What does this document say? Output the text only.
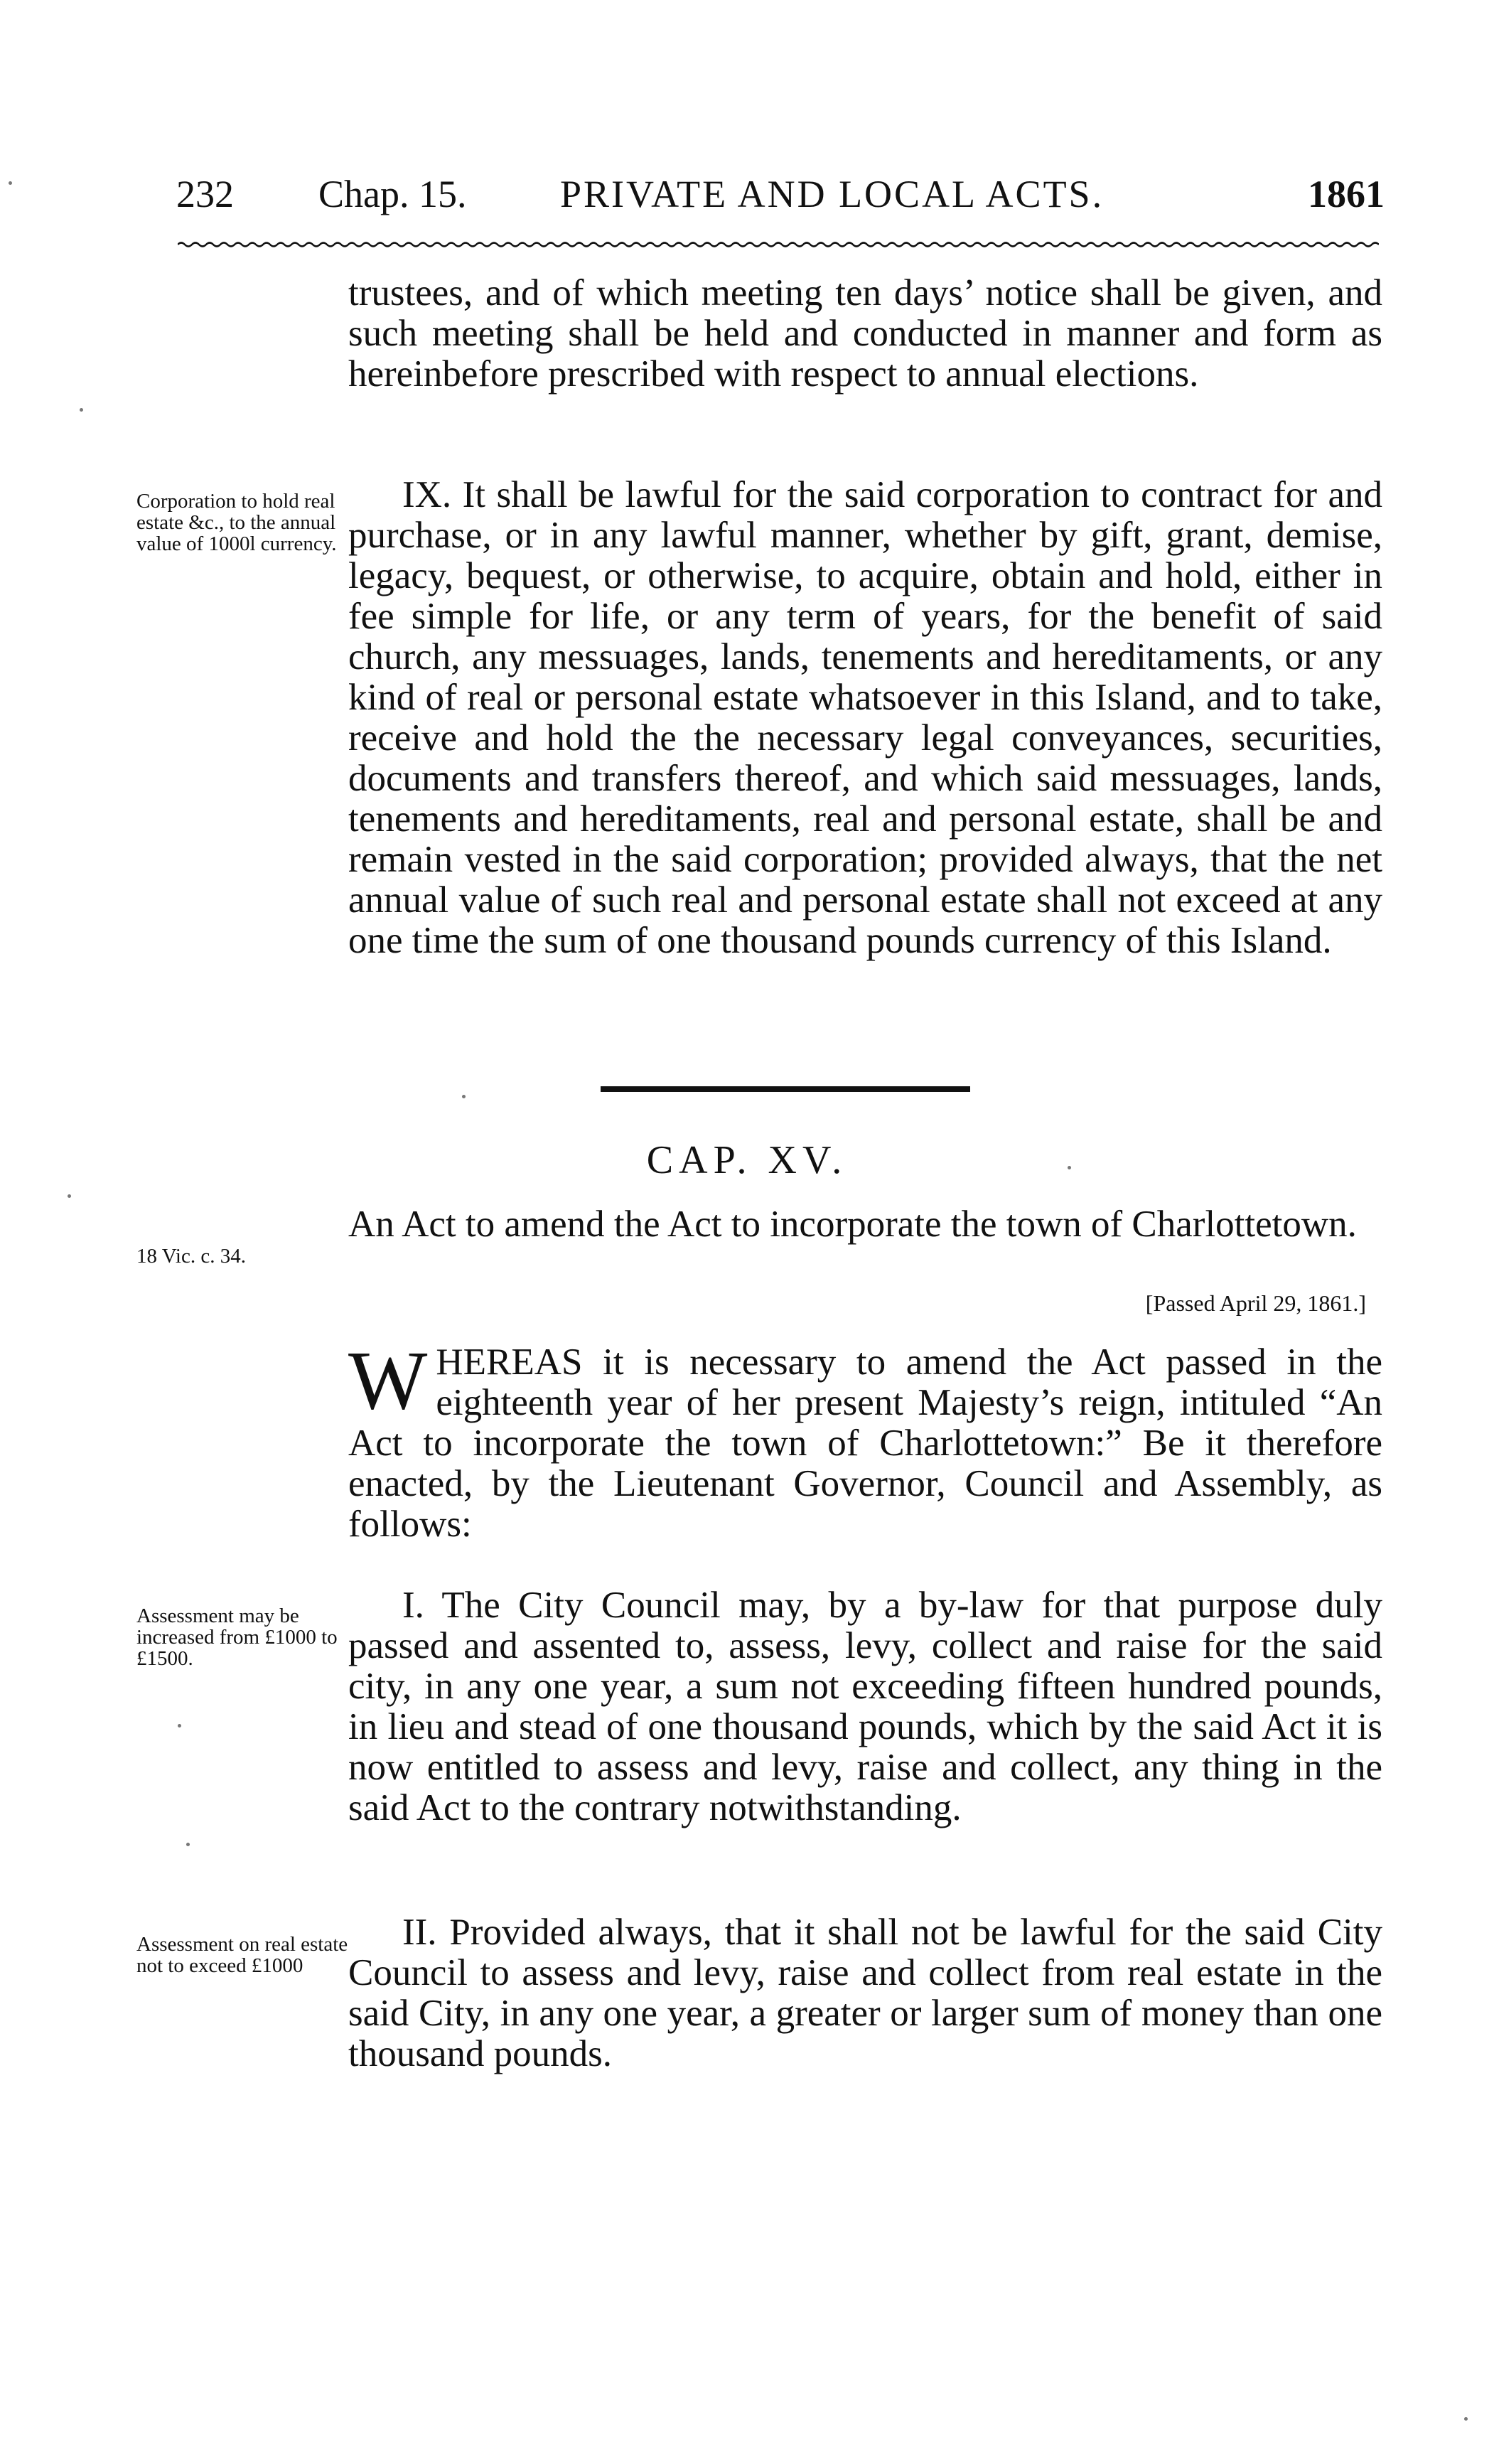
232 Chap. 15. PRIVATE AND LOCAL ACTS.	1861

trustees, and of which meeting ten days’ notice shall be given, and such meeting shall be held and conducted in manner and form as hereinbefore prescribed with respect to annual elections.

Corporation to hold real estate &c., to the annual value of 1000l currency.

IX. It shall be lawful for the said corporation to contract for and purchase, or in any lawful manner, whether by gift, grant, demise, legacy, bequest, or otherwise, to acquire, obtain and hold, either in fee simple for life, or any term of years, for the benefit of said church, any messuages, lands, tenements and hereditaments, or any kind of real or personal estate whatsoever in this Island, and to take, receive and hold the the necessary legal conveyances, securities, documents and transfers thereof, and which said messuages, lands, tenements and hereditaments, real and personal estate, shall be and remain vested in the said corporation; provided always, that the net annual value of such real and personal estate shall not exceed at any one time the sum of one thousand pounds currency of this Island.

CAP. XV.
18 Vic. c. 34.

An Act to amend the Act to incorporate the town of Charlottetown.

[Passed April 29, 1861.]

WHEREAS it is necessary to amend the Act passed in the eighteenth year of her present Majesty’s reign, intituled “An Act to incorporate the town of Charlottetown:” Be it therefore enacted, by the Lieutenant Governor, Council and Assembly, as follows:

Assessment may be increased from £1000 to £1500.

I. The City Council may, by a by-law for that purpose duly passed and assented to, assess, levy, collect and raise for the said city, in any one year, a sum not exceeding fifteen hundred pounds, in lieu and stead of one thousand pounds, which by the said Act it is now entitled to assess and levy, raise and collect, any thing in the said Act to the contrary notwithstanding.

Assessment on real estate not to exceed £1000

II. Provided always, that it shall not be lawful for the said City Council to assess and levy, raise and collect from real estate in the said City, in any one year, a greater or larger sum of money than one thousand pounds.
